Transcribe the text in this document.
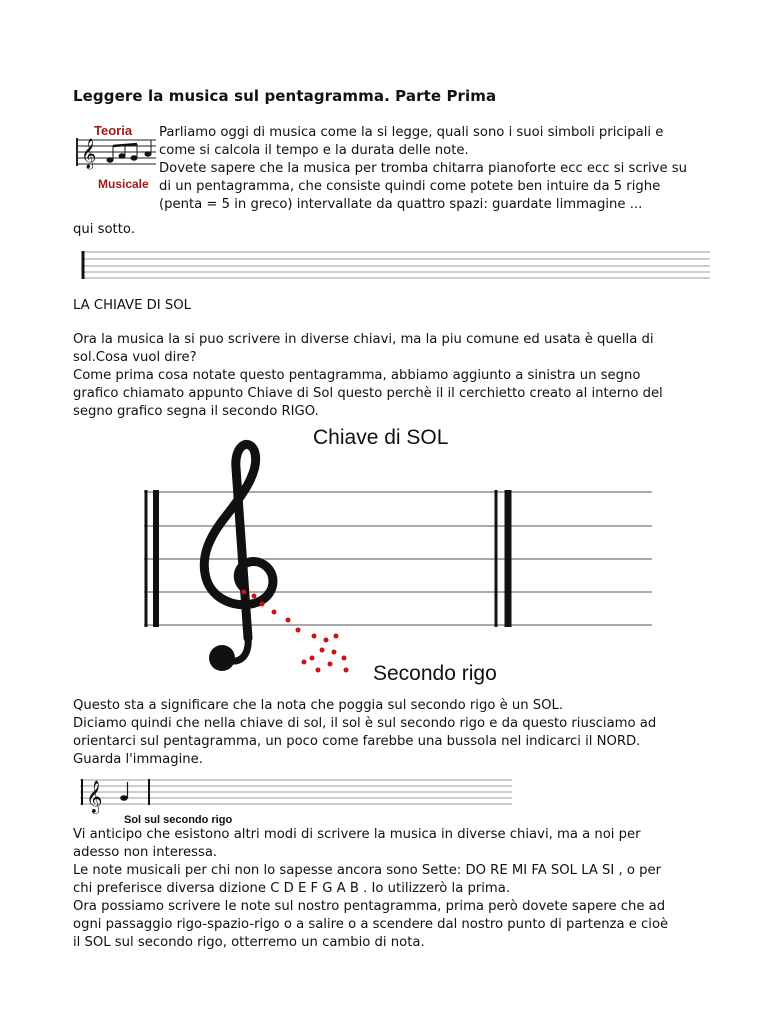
Leggere la musica sul pentagramma. Parte Prima
𝄞
Teoria
Musicale
Parliamo oggi di musica come la si legge, quali sono i suoi simboli pricipali e
come si calcola il tempo e la durata delle note.
Dovete sapere che la musica per tromba chitarra pianoforte ecc ecc si scrive su
di un pentagramma, che consiste quindi come potete ben intuire da 5 righe
(penta = 5 in greco) intervallate da quattro spazi: guardate limmagine ...
qui sotto.
LA CHIAVE DI SOL
Ora la musica la si puo scrivere in diverse chiavi, ma la piu comune ed usata è quella di
sol.Cosa vuol dire?
Come prima cosa notate questo pentagramma, abbiamo aggiunto a sinistra un segno
grafico chiamato appunto Chiave di Sol questo perchè il il cerchietto creato al interno del
segno grafico segna il secondo RIGO.
Chiave di SOL
Secondo rigo
Questo sta a significare che la nota che poggia sul secondo rigo è un SOL.
Diciamo quindi che nella chiave di sol, il sol è sul secondo rigo e da questo riusciamo ad
orientarci sul pentagramma, un poco come farebbe una bussola nel indicarci il NORD.
Guarda l'immagine.
𝄞
Sol sul secondo rigo
Vi anticipo che esistono altri modi di scrivere la musica in diverse chiavi, ma a noi per
adesso non interessa.
Le note musicali per chi non lo sapesse ancora sono Sette: DO RE MI FA SOL LA SI , o per
chi preferisce diversa dizione C D E F G A B . Io utilizzerò la prima.
Ora possiamo scrivere le note sul nostro pentagramma, prima però dovete sapere che ad
ogni passaggio rigo-spazio-rigo o a salire o a scendere dal nostro punto di partenza e cioè
il SOL sul secondo rigo, otterremo un cambio di nota.
